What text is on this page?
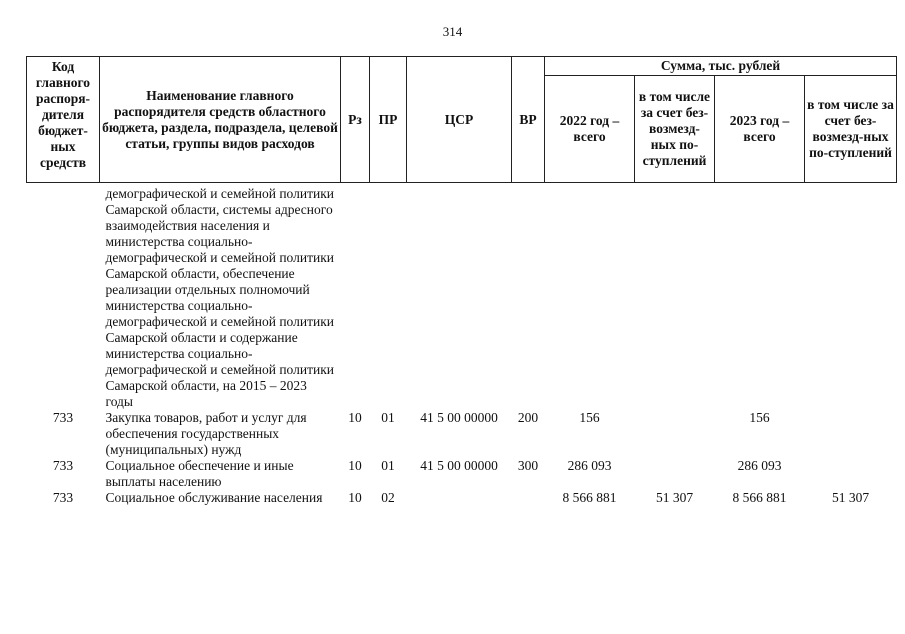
314
Код главного распоря-дителя бюджет-ных средств	Наименование главного распорядителя средств областного бюджета, раздела, подраздела, целевой статьи, группы видов расходов	Рз	ПР	ЦСР	ВР	Сумма, тыс. рублей			
						2022 год – всего	в том числе за счет без-возмезд-ных по-ступлений	2023 год – всего	в том числе за счет без-возмезд-ных по-ступлений

	демографической и семейной политики Самарской области, системы адресного взаимодействия населения и министерства социально-демографической и семейной политики Самарской области, обеспечение реализации отдельных полномочий министерства социально-демографической и семейной политики Самарской области и содержание министерства социально-демографической и семейной политики Самарской области, на 2015 – 2023 годы								
733	Закупка товаров, работ и услуг для обеспечения государственных (муниципальных) нужд	10	01	41 5 00 00000	200	156		156	
733	Социальное обеспечение и иные выплаты населению	10	01	41 5 00 00000	300	286 093		286 093	
733	Социальное обслуживание населения	10	02			8 566 881	51 307	8 566 881	51 307
